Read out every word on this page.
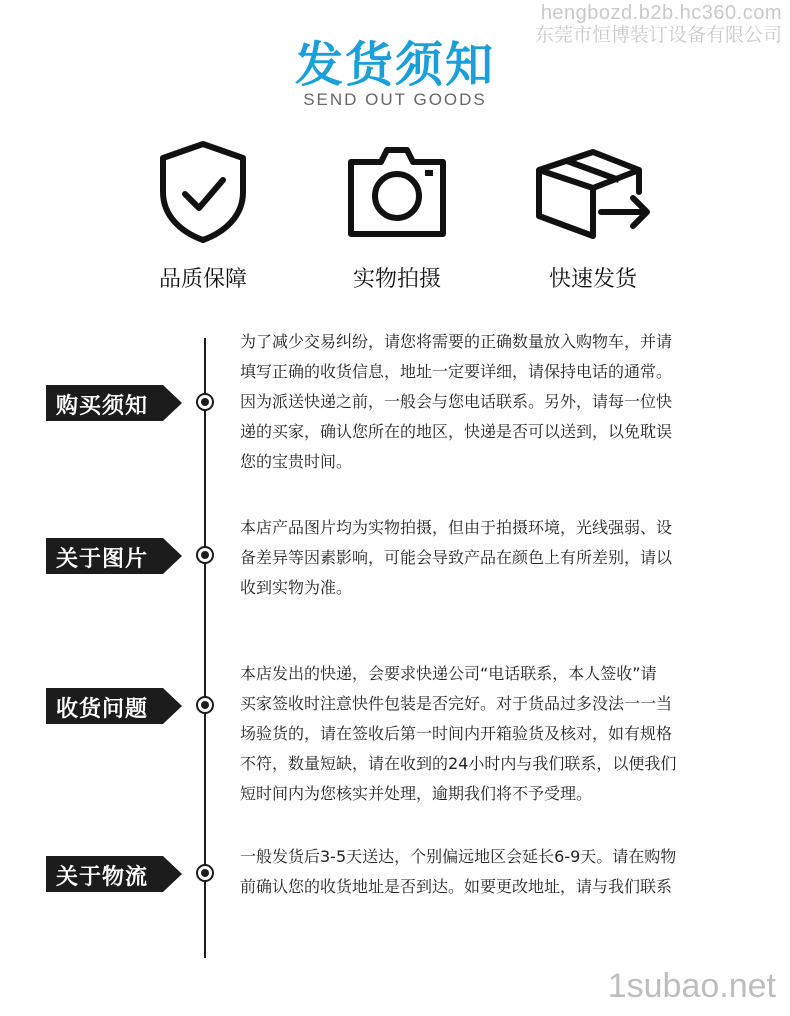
hengbozd.b2b.hc360.com
东莞市恒博装订设备有限公司
发货须知
SEND OUT GOODS
品质保障	实物拍摄	快速发货
购买须知
为了减少交易纠纷，请您将需要的正确数量放入购物车，并请
填写正确的收货信息，地址一定要详细，请保持电话的通常。
因为派送快递之前，一般会与您电话联系。另外，请每一位快
递的买家，确认您所在的地区，快递是否可以送到，以免耽误
您的宝贵时间。
关于图片
本店产品图片均为实物拍摄，但由于拍摄环境，光线强弱、设
备差异等因素影响，可能会导致产品在颜色上有所差别，请以
收到实物为准。
收货问题
本店发出的快递，会要求快递公司“电话联系，本人签收”请
买家签收时注意快件包装是否完好。对于货品过多没法一一当
场验货的，请在签收后第一时间内开箱验货及核对，如有规格
不符，数量短缺，请在收到的24小时内与我们联系，以便我们
短时间内为您核实并处理，逾期我们将不予受理。
关于物流
一般发货后3-5天送达，个别偏远地区会延长6-9天。请在购物
前确认您的收货地址是否到达。如要更改地址，请与我们联系
1subao.net
